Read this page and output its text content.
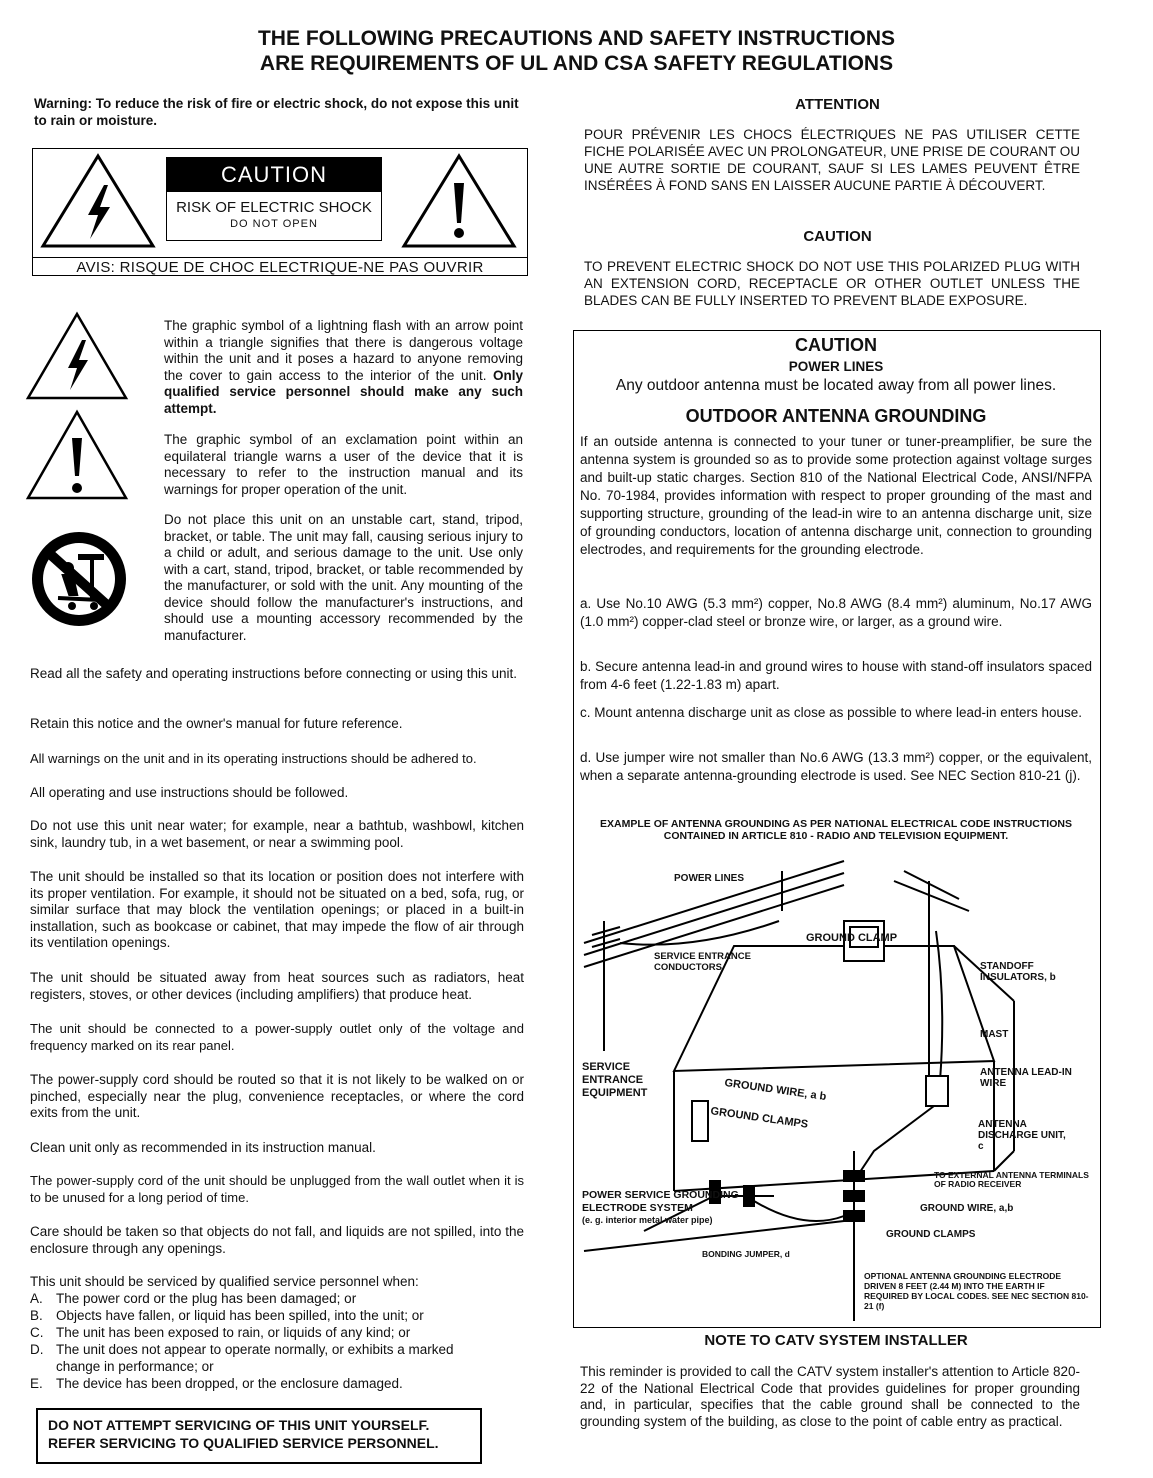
THE FOLLOWING PRECAUTIONS AND SAFETY INSTRUCTIONS
ARE REQUIREMENTS OF UL AND CSA SAFETY REGULATIONS

Warning: To reduce the risk of fire or electric shock, do not expose this unit to rain or moisture.

CAUTION
RISK OF ELECTRIC SHOCK
DO NOT OPEN
AVIS: RISQUE DE CHOC ELECTRIQUE-NE PAS OUVRIR

The graphic symbol of a lightning flash with an arrow point within a triangle signifies that there is dangerous voltage within the unit and it poses a hazard to anyone removing the cover to gain access to the interior of the unit. Only qualified service personnel should make any such attempt.

The graphic symbol of an exclamation point within an equilateral triangle warns a user of the device that it is necessary to refer to the instruction manual and its warnings for proper operation of the unit.

Do not place this unit on an unstable cart, stand, tripod, bracket, or table. The unit may fall, causing serious injury to a child or adult, and serious damage to the unit. Use only with a cart, stand, tripod, bracket, or table recommended by the manufacturer, or sold with the unit. Any mounting of the device should follow the manufacturer's instructions, and should use a mounting accessory recommended by the manufacturer.

Read all the safety and operating instructions before connecting or using this unit.

Retain this notice and the owner's manual for future reference.

All warnings on the unit and in its operating instructions should be adhered to.

All operating and use instructions should be followed.

Do not use this unit near water; for example, near a bathtub, washbowl, kitchen sink, laundry tub, in a wet basement, or near a swimming pool.

The unit should be installed so that its location or position does not interfere with its proper ventilation. For example, it should not be situated on a bed, sofa, rug, or similar surface that may block the ventilation openings; or placed in a built-in installation, such as bookcase or cabinet, that may impede the flow of air through its ventilation openings.

The unit should be situated away from heat sources such as radiators, heat registers, stoves, or other devices (including amplifiers) that produce heat.

The unit should be connected to a power-supply outlet only of the voltage and frequency marked on its rear panel.

The power-supply cord should be routed so that it is not likely to be walked on or pinched, especially near the plug, convenience receptacles, or where the cord exits from the unit.

Clean unit only as recommended in its instruction manual.

The power-supply cord of the unit should be unplugged from the wall outlet when it is to be unused for a long period of time.

Care should be taken so that objects do not fall, and liquids are not spilled, into the enclosure through any openings.

This unit should be serviced by qualified service personnel when:
A. The power cord or the plug has been damaged; or
B. Objects have fallen, or liquid has been spilled, into the unit; or
C. The unit has been exposed to rain, or liquids of any kind; or
D. The unit does not appear to operate normally, or exhibits a marked change in performance; or
E. The device has been dropped, or the enclosure damaged.
DO NOT ATTEMPT SERVICING OF THIS UNIT YOURSELF.
REFER SERVICING TO QUALIFIED SERVICE PERSONNEL.
ATTENTION

POUR PRÉVENIR LES CHOCS ÉLECTRIQUES NE PAS UTILISER CETTE FICHE POLARISÉE AVEC UN PROLONGATEUR, UNE PRISE DE COURANT OU UNE AUTRE SORTIE DE COURANT, SAUF SI LES LAMES PEUVENT ÊTRE INSÉRÉES À FOND SANS EN LAISSER AUCUNE PARTIE À DÉCOUVERT.

CAUTION

TO PREVENT ELECTRIC SHOCK DO NOT USE THIS POLARIZED PLUG WITH AN EXTENSION CORD, RECEPTACLE OR OTHER OUTLET UNLESS THE BLADES CAN BE FULLY INSERTED TO PREVENT BLADE EXPOSURE.

CAUTION
POWER LINES
Any outdoor antenna must be located away from all power lines.
OUTDOOR ANTENNA GROUNDING

If an outside antenna is connected to your tuner or tuner-preamplifier, be sure the antenna system is grounded so as to provide some protection against voltage surges and built-up static charges. Section 810 of the National Electrical Code, ANSI/NFPA No. 70-1984, provides information with respect to proper grounding of the mast and supporting structure, grounding of the lead-in wire to an antenna discharge unit, size of grounding conductors, location of antenna discharge unit, connection to grounding electrodes, and requirements for the grounding electrode.

a. Use No.10 AWG (5.3 mm²) copper, No.8 AWG (8.4 mm²) aluminum, No.17 AWG (1.0 mm²) copper-clad steel or bronze wire, or larger, as a ground wire.

b. Secure antenna lead-in and ground wires to house with stand-off insulators spaced from 4-6 feet (1.22-1.83 m) apart.

c. Mount antenna discharge unit as close as possible to where lead-in enters house.

d. Use jumper wire not smaller than No.6 AWG (13.3 mm²) copper, or the equivalent, when a separate antenna-grounding electrode is used. See NEC Section 810-21 (j).

EXAMPLE OF ANTENNA GROUNDING AS PER NATIONAL ELECTRICAL CODE INSTRUCTIONS CONTAINED IN ARTICLE 810 - RADIO AND TELEVISION EQUIPMENT.

POWER LINES
GROUND CLAMP
SERVICE ENTRANCE CONDUCTORS	STANDOFF INSULATORS, b
MAST
SERVICE ENTRANCE EQUIPMENT	GROUND WIRE, a b
GROUND CLAMPS
ANTENNA LEAD-IN WIRE
ANTENNA DISCHARGE UNIT, c
TO EXTERNAL ANTENNA TERMINALS OF RADIO RECEIVER
POWER SERVICE GROUNDING ELECTRODE SYSTEM
(e. g. interior metal water pipe)
GROUND WIRE, a,b
GROUND CLAMPS
BONDING JUMPER, d
OPTIONAL ANTENNA GROUNDING ELECTRODE DRIVEN 8 FEET (2.44 M) INTO THE EARTH IF REQUIRED BY LOCAL CODES. SEE NEC SECTION 810-21 (f)
NOTE TO CATV SYSTEM INSTALLER

This reminder is provided to call the CATV system installer's attention to Article 820-22 of the National Electrical Code that provides guidelines for proper grounding and, in particular, specifies that the cable ground shall be connected to the grounding system of the building, as close to the point of cable entry as practical.
